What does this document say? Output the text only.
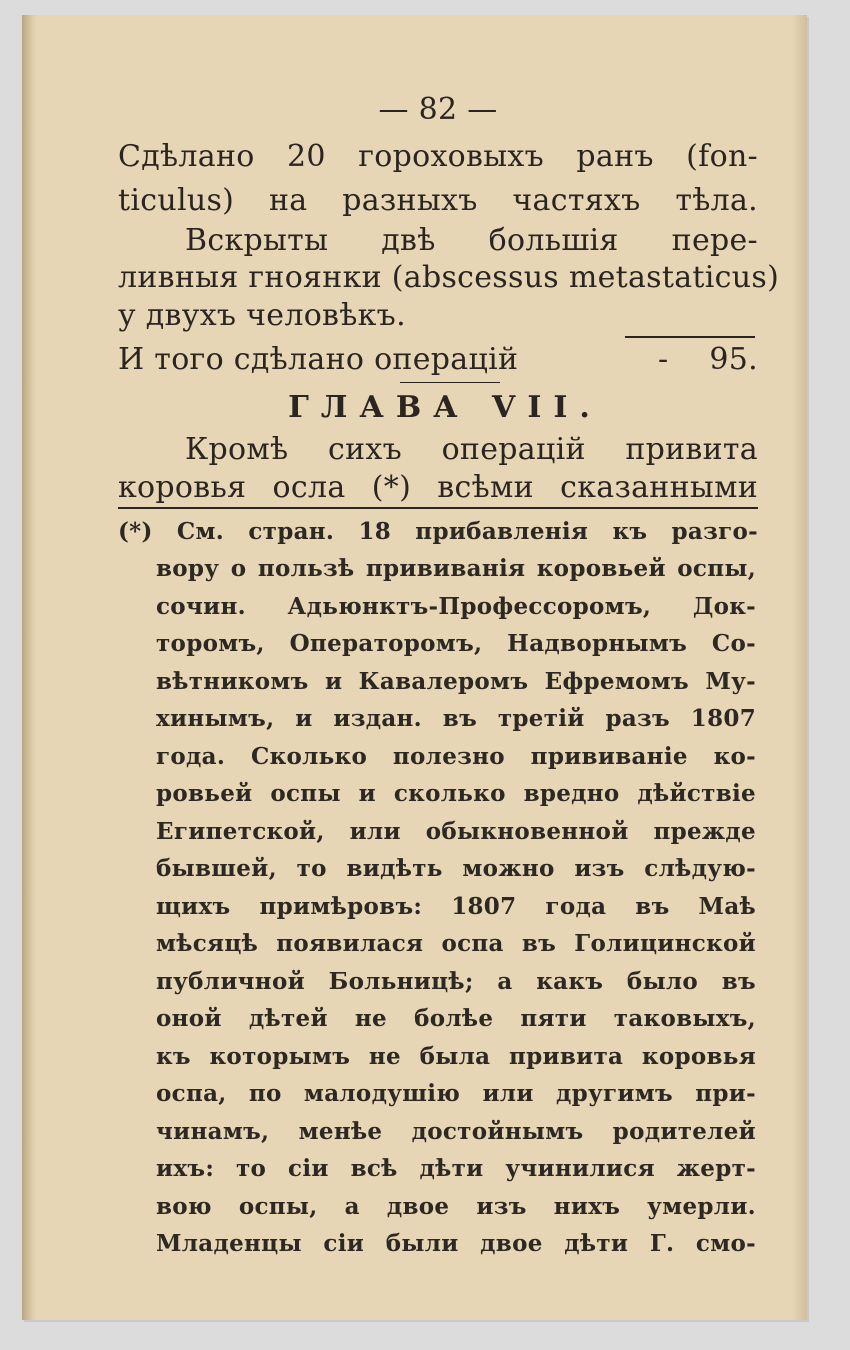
— 82 —
Сдѣлано 20 гороховыхъ ранъ (fon-
ticulus) на разныхъ частяхъ тѣла.
Вскрыты двѣ большія пере-
ливныя гноянки (abscessus metastaticus)
у двухъ человѣкъ.
И того сдѣлано операцій	- 95.
ГЛАВА VII.
Кромѣ сихъ операцій привита
коровья осла (*) всѣми сказанными
(*) См. стран. 18 прибавленія къ разго-
вору о пользѣ прививанія коровьей оспы,
сочин. Адьюнктъ-Профессоромъ, Док-
торомъ, Операторомъ, Надворнымъ Со-
вѣтникомъ и Кавалеромъ Ефремомъ Му-
хинымъ, и издан. въ третій разъ 1807
года. Сколько полезно прививаніе ко-
ровьей оспы и сколько вредно дѣйствіе
Египетской, или обыкновенной прежде
бывшей, то видѣть можно изъ слѣдую-
щихъ примѣровъ: 1807 года въ Маѣ
мѣсяцѣ появилася оспа въ Голицинской
публичной Больницѣ; а какъ было въ
оной дѣтей не болѣе пяти таковыхъ,
къ которымъ не была привита коровья
оспа, по малодушію или другимъ при-
чинамъ, менѣе достойнымъ родителей
ихъ: то сіи всѣ дѣти учинилися жерт-
вою оспы, а двое изъ нихъ умерли.
Младенцы сіи были двое дѣти Г. смо-
